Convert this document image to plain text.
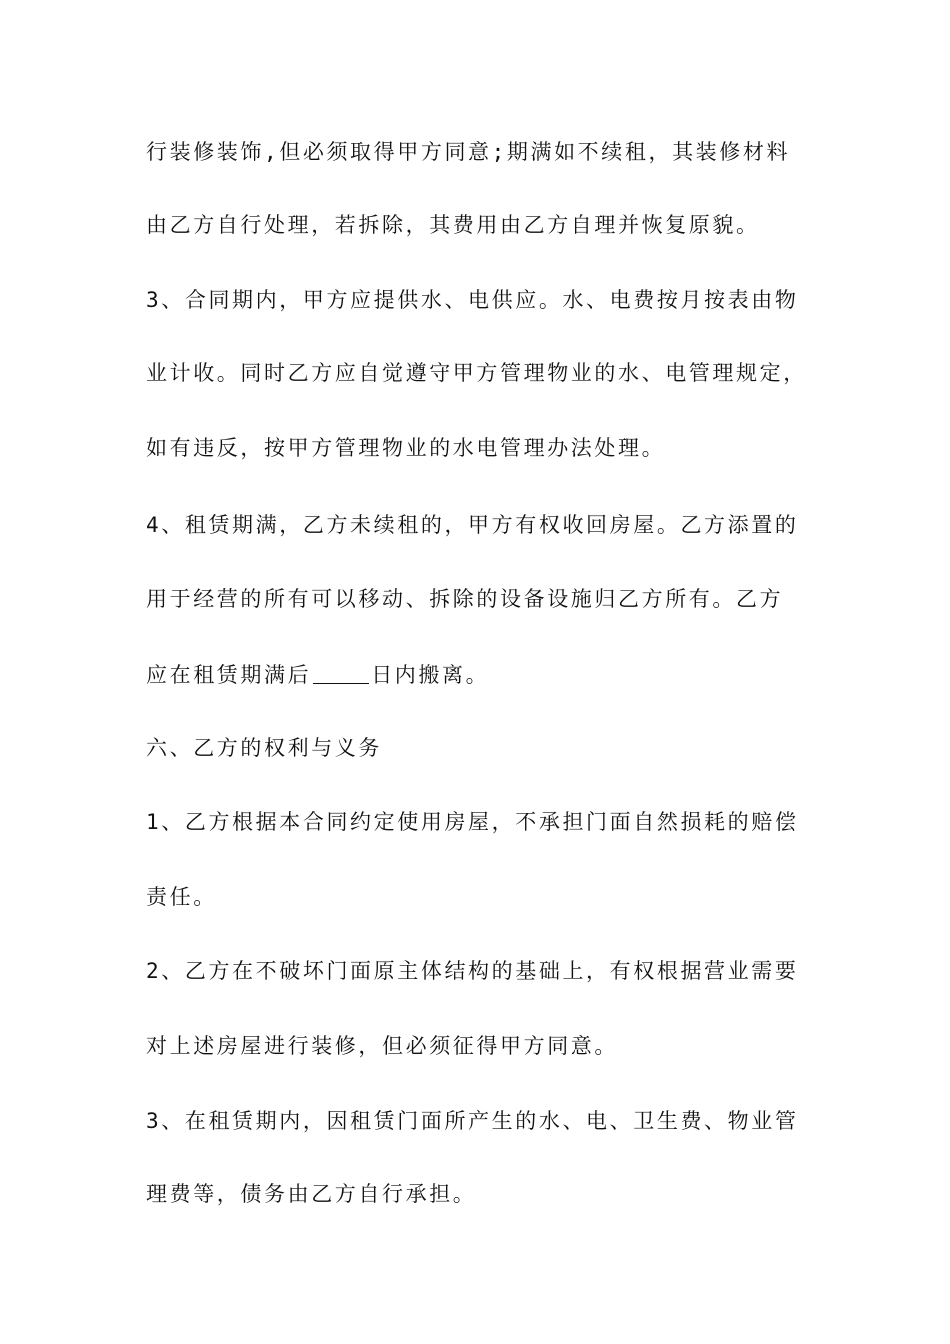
行装修装饰,但必须取得甲方同意;期满如不续租，其装修材料

由乙方自行处理，若拆除，其费用由乙方自理并恢复原貌。

3、合同期内，甲方应提供水、电供应。水、电费按月按表由物

业计收。同时乙方应自觉遵守甲方管理物业的水、电管理规定，

如有违反，按甲方管理物业的水电管理办法处理。

4、租赁期满，乙方未续租的，甲方有权收回房屋。乙方添置的

用于经营的所有可以移动、拆除的设备设施归乙方所有。乙方

应在租赁期满后	日内搬离。

六、乙方的权利与义务

1、乙方根据本合同约定使用房屋，不承担门面自然损耗的赔偿

责任。

2、乙方在不破坏门面原主体结构的基础上，有权根据营业需要

对上述房屋进行装修，但必须征得甲方同意。

3、在租赁期内，因租赁门面所产生的水、电、卫生费、物业管

理费等，债务由乙方自行承担。
